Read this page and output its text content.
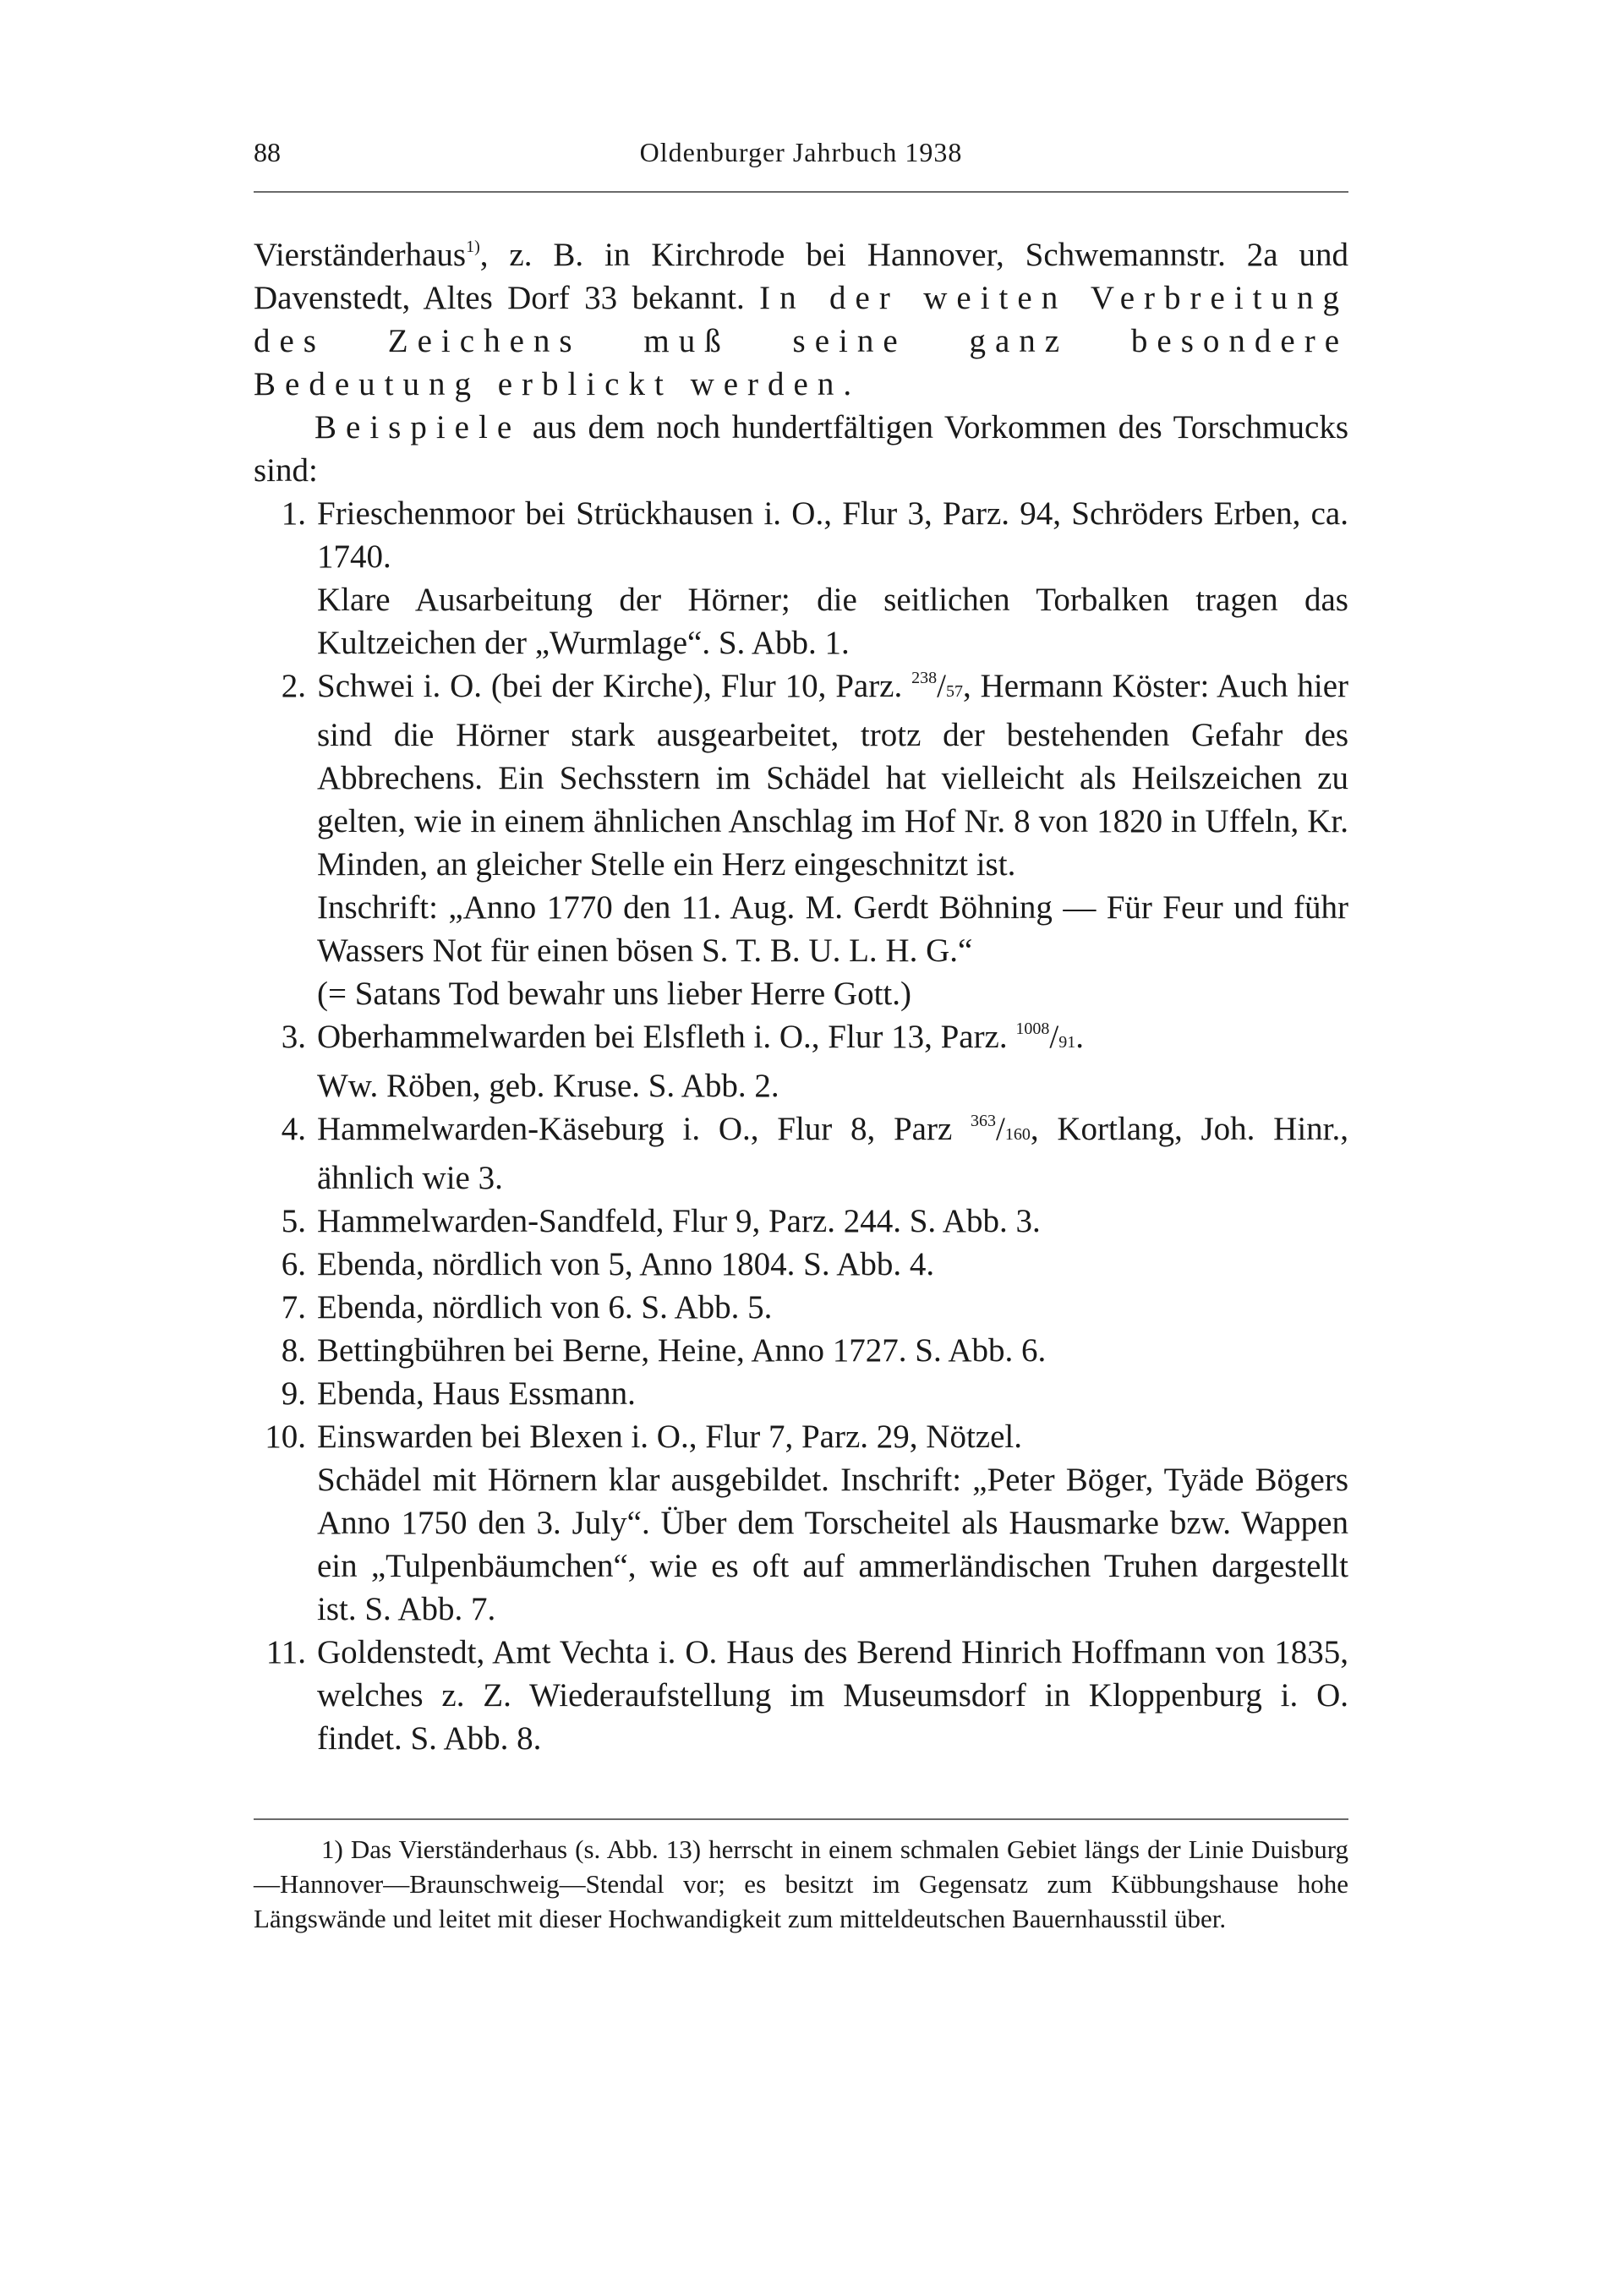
88	Oldenburger Jahrbuch 1938

Vierständerhaus$^{1)}$, z. B. in Kirchrode bei Hannover, Schwemannstr. 2a und Davenstedt, Altes Dorf 33 bekannt. In der weiten Verbreitung des Zeichens muß seine ganz besondere Bedeutung erblickt werden.

Beispiele aus dem noch hundertfältigen Vorkommen des Torschmucks sind:

1. Frieschenmoor bei Strückhausen i. O., Flur 3, Parz. 94, Schröders Erben, ca. 1740.
Klare Ausarbeitung der Hörner; die seitlichen Torbalken tragen das Kultzeichen der „Wurmlage“. S. Abb. 1.
2. Schwei i. O. (bei der Kirche), Flur 10, Parz. $^{238}$/57, Hermann Köster: Auch hier sind die Hörner stark ausgearbeitet, trotz der bestehenden Gefahr des Abbrechens. Ein Sechsstern im Schädel hat vielleicht als Heilszeichen zu gelten, wie in einem ähnlichen Anschlag im Hof Nr. 8 von 1820 in Uffeln, Kr. Minden, an gleicher Stelle ein Herz eingeschnitzt ist.
Inschrift: „Anno 1770 den 11. Aug. M. Gerdt Böhning — Für Feur und führ Wassers Not für einen bösen S. T. B. U. L. H. G.“
(= Satans Tod bewahr uns lieber Herre Gott.)
3. Oberhammelwarden bei Elsfleth i. O., Flur 13, Parz. $^{1008}$/91.
Ww. Röben, geb. Kruse. S. Abb. 2.
4. Hammelwarden-Käseburg i. O., Flur 8, Parz $^{363}$/160, Kortlang, Joh. Hinr., ähnlich wie 3.
5. Hammelwarden-Sandfeld, Flur 9, Parz. 244. S. Abb. 3.
6. Ebenda, nördlich von 5, Anno 1804. S. Abb. 4.
7. Ebenda, nördlich von 6. S. Abb. 5.
8. Bettingbühren bei Berne, Heine, Anno 1727. S. Abb. 6.
9. Ebenda, Haus Essmann.
10. Einswarden bei Blexen i. O., Flur 7, Parz. 29, Nötzel.
Schädel mit Hörnern klar ausgebildet. Inschrift: „Peter Böger, Tyäde Bögers Anno 1750 den 3. July“. Über dem Torscheitel als Hausmarke bzw. Wappen ein „Tulpenbäumchen“, wie es oft auf ammerländischen Truhen dargestellt ist. S. Abb. 7.
11. Goldenstedt, Amt Vechta i. O. Haus des Berend Hinrich Hoffmann von 1835, welches z. Z. Wiederaufstellung im Museumsdorf in Kloppenburg i. O. findet. S. Abb. 8.

1) Das Vierständerhaus (s. Abb. 13) herrscht in einem schmalen Gebiet längs der Linie Duisburg—Hannover—Braunschweig—Stendal vor; es besitzt im Gegensatz zum Kübbungshause hohe Längswände und leitet mit dieser Hochwandigkeit zum mitteldeutschen Bauernhausstil über.
